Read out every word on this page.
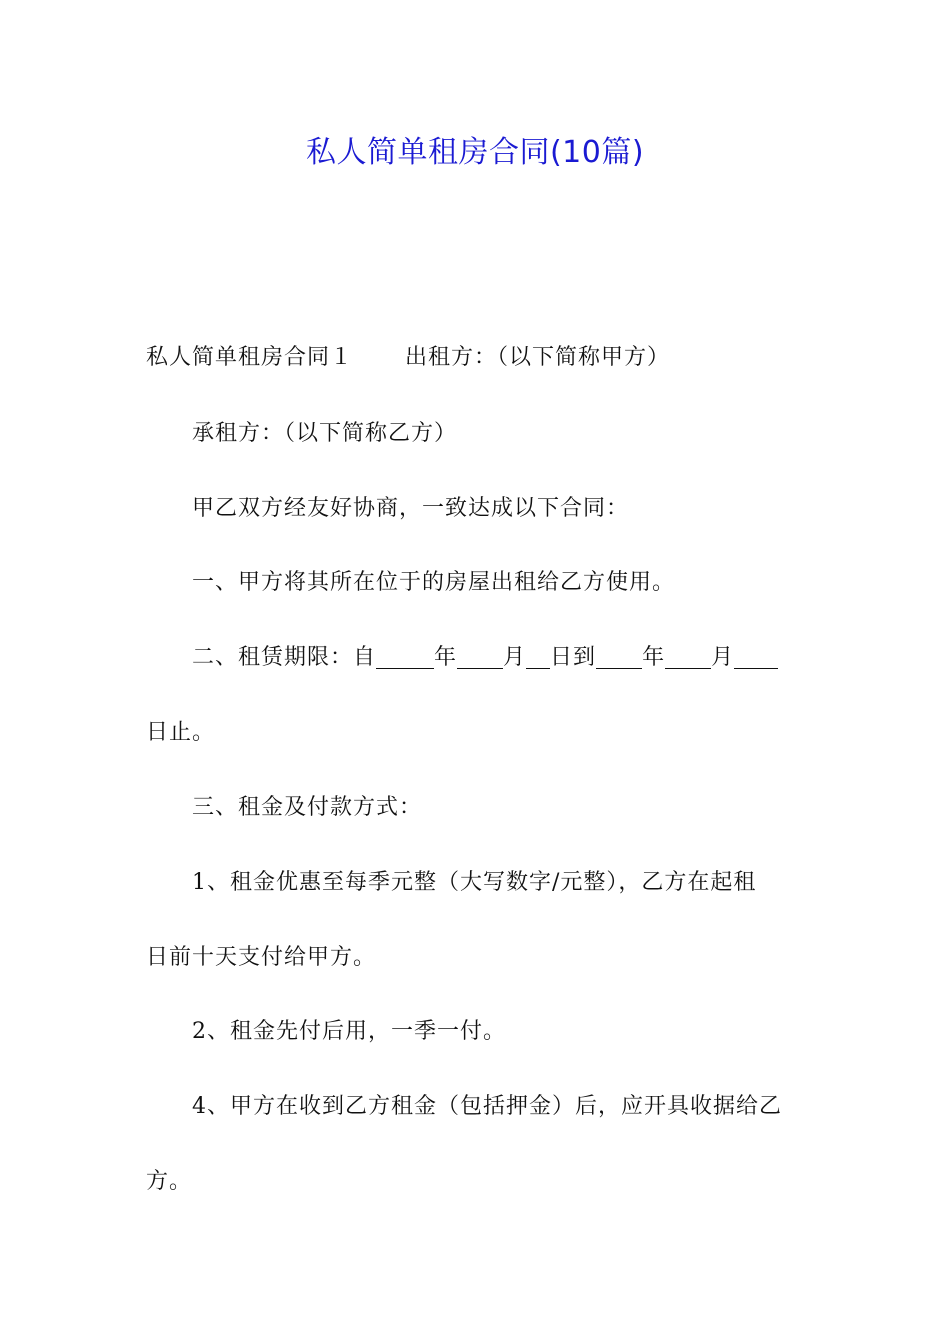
私人简单租房合同(10篇)
私人简单租房合同１ 出租方：（以下简称甲方）
承租方：（以下简称乙方）
甲乙双方经友好协商，一致达成以下合同：
一、甲方将其所在位于的房屋出租给乙方使用。
二、租赁期限：自	年 月 日到 年 月
日止。
三、租金及付款方式：
1、租金优惠至每季元整（大写数字/元整），乙方在起租
日前十天支付给甲方。
2、租金先付后用，一季一付。
4、甲方在收到乙方租金（包括押金）后，应开具收据给乙
方。
